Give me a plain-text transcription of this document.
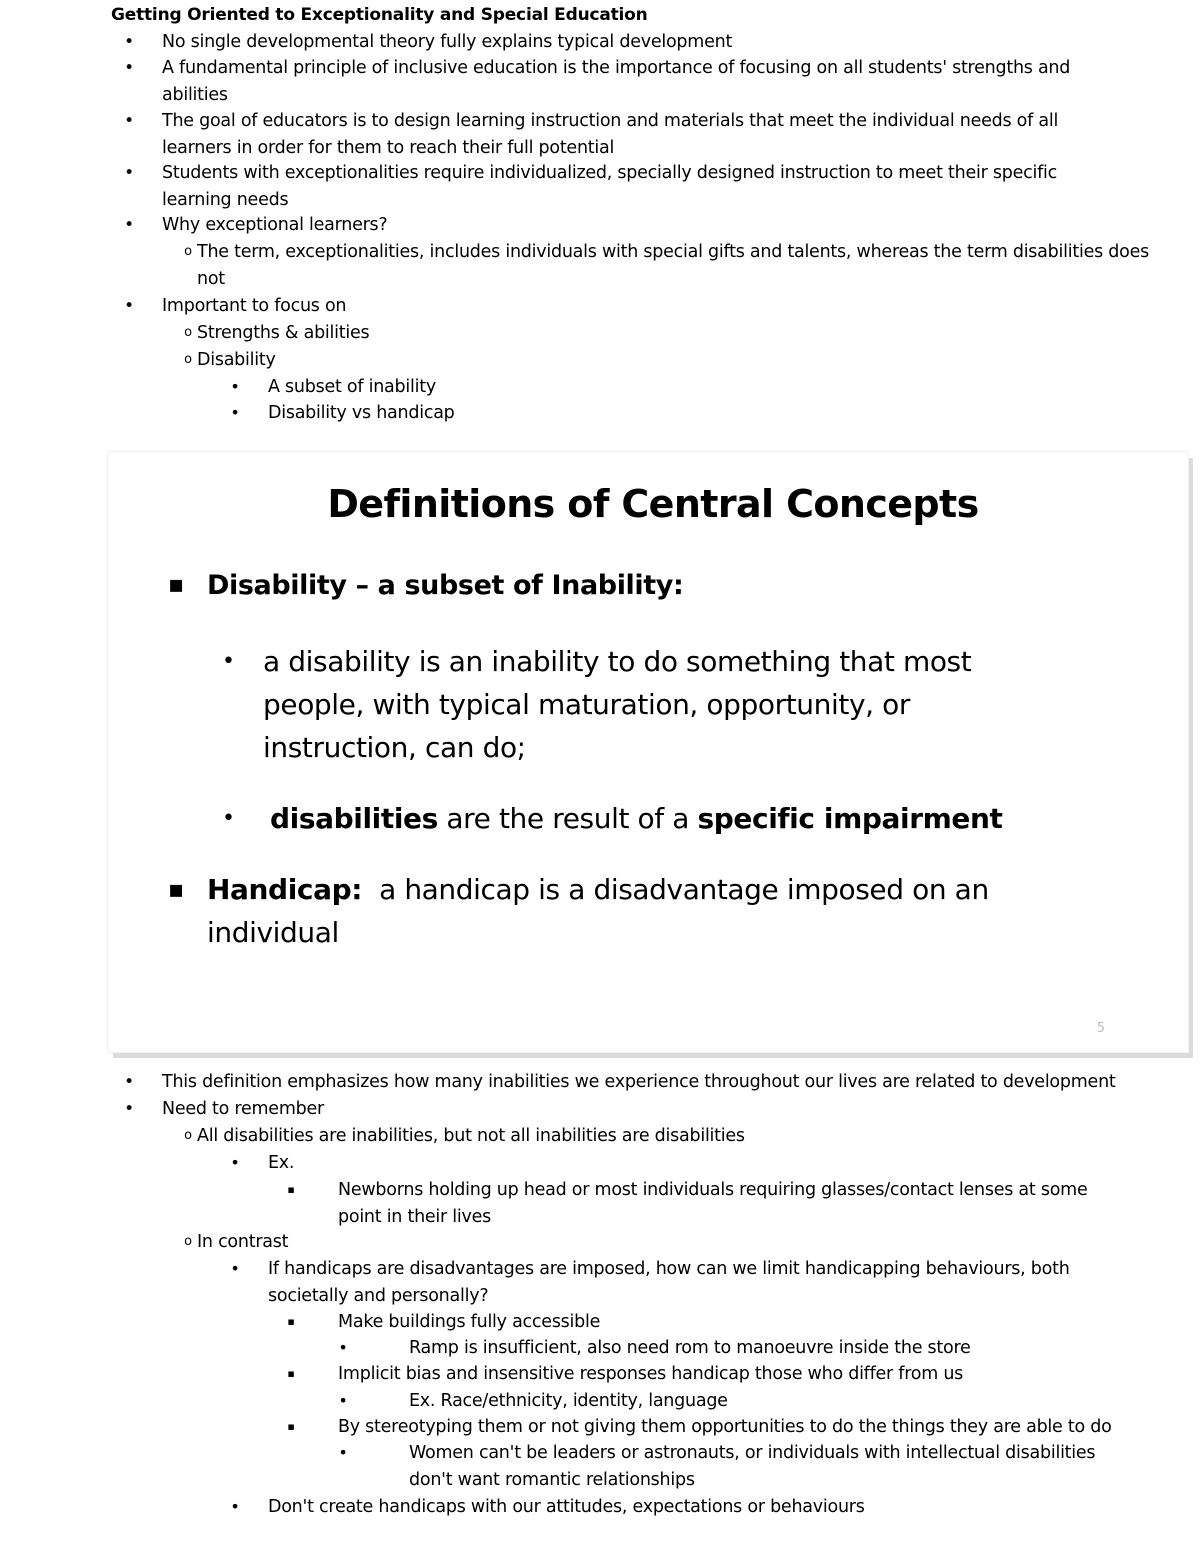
Getting Oriented to Exceptionality and Special Education
•	No single developmental theory fully explains typical development
•	A fundamental principle of inclusive education is the importance of focusing on all students' strengths and abilities
•	The goal of educators is to design learning instruction and materials that meet the individual needs of all learners in order for them to reach their full potential
•	Students with exceptionalities require individualized, specially designed instruction to meet their specific learning needs
•	Why exceptional learners?
o The term, exceptionalities, includes individuals with special gifts and talents, whereas the term disabilities does not
•	Important to focus on
o Strengths & abilities
o Disability
•	A subset of inability
•	Disability vs handicap
Definitions of Central Concepts
▪ Disability – a subset of Inability:
• a disability is an inability to do something that most people, with typical maturation, opportunity, or instruction, can do;
• disabilities are the result of a specific impairment
▪ Handicap: a handicap is a disadvantage imposed on an individual
5
•	This definition emphasizes how many inabilities we experience throughout our lives are related to development
•	Need to remember
o All disabilities are inabilities, but not all inabilities are disabilities
•	Ex.
▪	Newborns holding up head or most individuals requiring glasses/contact lenses at some point in their lives
o In contrast
•	If handicaps are disadvantages are imposed, how can we limit handicapping behaviours, both societally and personally?
▪	Make buildings fully accessible
•	Ramp is insufficient, also need rom to manoeuvre inside the store
▪	Implicit bias and insensitive responses handicap those who differ from us
•	Ex. Race/ethnicity, identity, language
▪	By stereotyping them or not giving them opportunities to do the things they are able to do
•	Women can't be leaders or astronauts, or individuals with intellectual disabilities don't want romantic relationships
•	Don't create handicaps with our attitudes, expectations or behaviours
